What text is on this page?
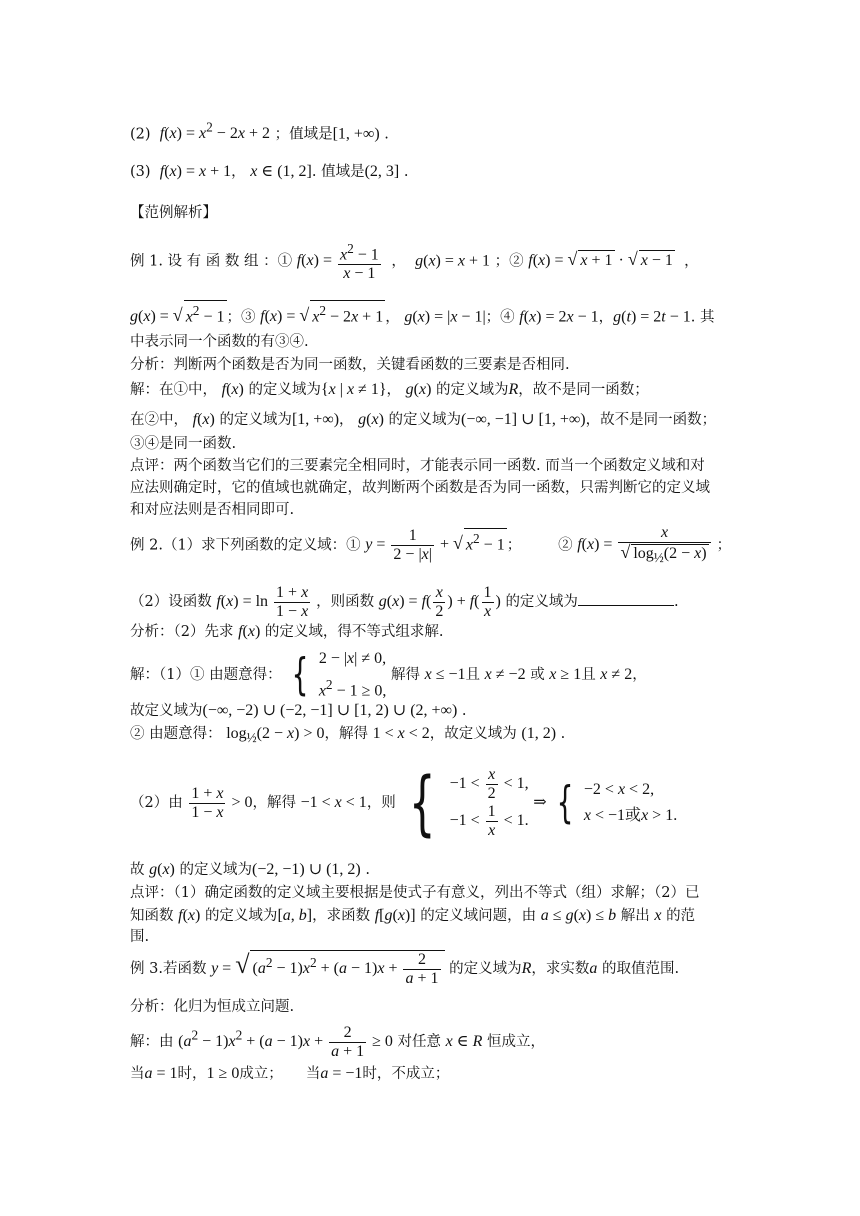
(2) $f(x) = x^2 - 2x + 2$ ；值域是[1, +∞) .
(3) f(x) = x + 1， x ∈ (1, 2]. 值域是(2, 3] .
【范例解析】
例 1. 设 有 函 数 组 ：① $f(x) = \frac{x^2 - 1}{x - 1}$ ，  g(x) = x + 1 ；② f(x) = √ x + 1 · √ x − 1  ，
g(x) = √ $x^2 - 1$ ；③ f(x) = √ $x^2 - 2x + 1$ ， g(x) = |x − 1|；④ f(x) = 2x − 1，g(t) = 2t − 1. 其
中表示同一个函数的有③④.
分析：判断两个函数是否为同一函数，关键看函数的三要素是否相同.
解：在①中， f(x) 的定义域为{x | x ≠ 1}， g(x) 的定义域为R，故不是同一函数；
在②中， f(x) 的定义域为[1, +∞)， g(x) 的定义域为(−∞, −1] ∪ [1, +∞)，故不是同一函数；
③④是同一函数.
点评：两个函数当它们的三要素完全相同时，才能表示同一函数. 而当一个函数定义域和对
应法则确定时，它的值域也就确定，故判断两个函数是否为同一函数，只需判断它的定义域
和对应法则是否相同即可.
例 2.（1）求下列函数的定义域：① $y = \frac{1}{2 - |x|}$ + √ $x^2 - 1$ ；	② $f(x) = \frac{x}{√ \log_{\frac{1}{2}}(2 - x)}$ ；
（2）设函数 $f(x) = \ln \frac{1 + x}{1 - x}$ ，则函数 $g(x) = f( \frac{x}{2}$ ) + $f( \frac{1}{x}$ ) 的定义域为	.
分析：（2）先求 f(x) 的定义域，得不等式组求解.
解：（1）① 由题意得： { 2 − |x| ≠ 0,
$x^2 - 1 \ge 0$,
解得 x ≤ −1且 x ≠ −2 或 x ≥ 1且 x ≠ 2，
故定义域为(−∞, −2) ∪ (−2, −1] ∪ [1, 2) ∪ (2, +∞) .
② 由题意得： $\log_{\frac{1}{2}}(2 - x) > 0$，解得 1 < x < 2，故定义域为 (1, 2) .
（2）由 $\frac{1 + x}{1 - x} > 0$，解得 −1 < x < 1，则 { $-1 < \frac{x}{2} < 1$,
$-1 < \frac{1}{x} < 1$.
⇒ { −2 < x < 2,
x < −1或x > 1.
故 g(x) 的定义域为(−2, −1) ∪ (1, 2) .
点评：（1）确定函数的定义域主要根据是使式子有意义，列出不等式（组）求解；（2）已
知函数 f(x) 的定义域为[a, b]，求函数 f[g(x)] 的定义域问题，由 a ≤ g(x) ≤ b 解出 x 的范
围.
例 3.若函数 y = √ $(a^2 - 1)x^2 + (a - 1)x + \frac{2}{a + 1}$ 的定义域为R，求实数a 的取值范围.
分析：化归为恒成立问题.
解：由 $(a^2 - 1)x^2 + (a - 1)x + \frac{2}{a + 1} \ge 0$ 对任意 x ∈ R 恒成立，
当a = 1时，1 ≥ 0成立； 当a = −1时，不成立；
